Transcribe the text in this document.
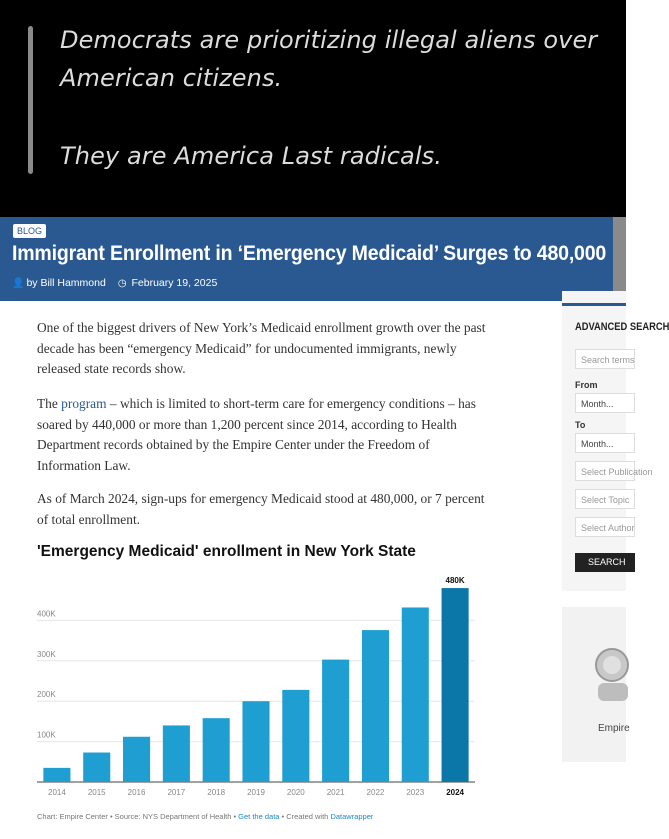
Democrats are prioritizing illegal aliens over
American citizens.
They are America Last radicals.
BLOG
Immigrant Enrollment in ‘Emergency Medicaid’ Surges to 480,000
👤 by Bill Hammond ◷ February 19, 2025
One of the biggest drivers of New York’s Medicaid enrollment growth over the past decade has been “emergency Medicaid” for undocumented immigrants, newly released state records show.
The program – which is limited to short-term care for emergency conditions – has soared by 440,000 or more than 1,200 percent since 2014, according to Health Department records obtained by the Empire Center under the Freedom of Information Law.
As of March 2024, sign-ups for emergency Medicaid stood at 480,000, or 7 percent of total enrollment.
'Emergency Medicaid' enrollment in New York State
100K
200K
300K
400K
2014	2015	2016	2017	2018	2019	2020	2021	2022	2023	2024
480K
Chart: Empire Center • Source: NYS Department of Health • Get the data • Created with Datawrapper
ADVANCED SEARCH
Search terms
From
Month...
To
Month...
Select Publication
Select Topic
Select Author
SEARCH
Empire
